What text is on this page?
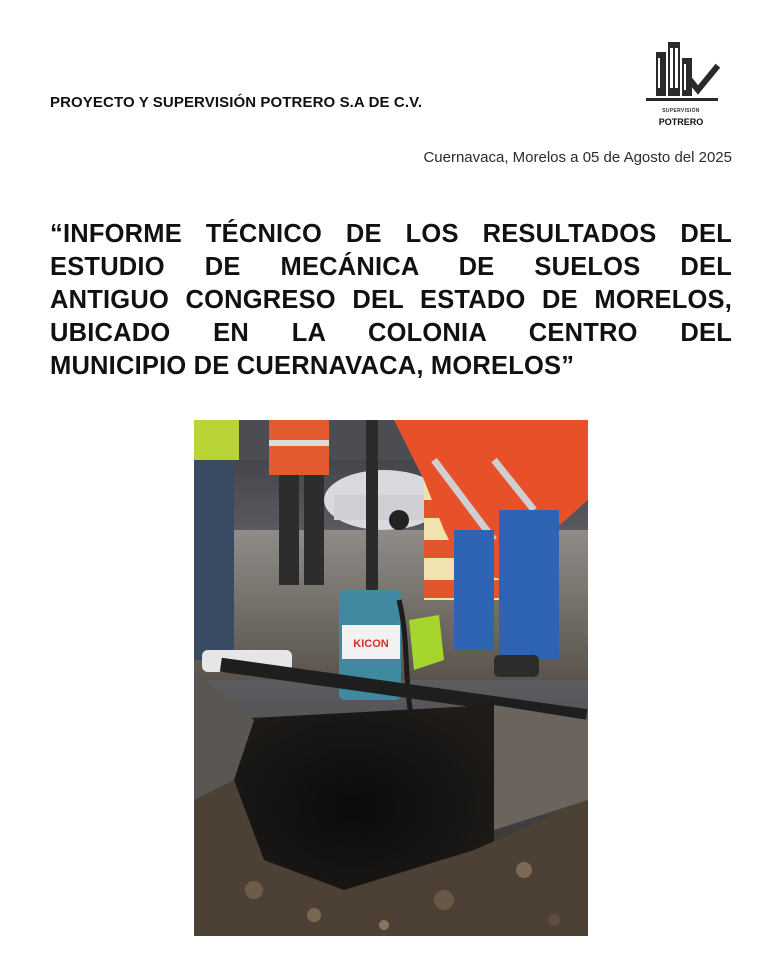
PROYECTO Y SUPERVISIÓN POTRERO S.A DE C.V.	SUPERVISIÓN
POTRERO
Cuernavaca, Morelos a 05 de Agosto del 2025
“INFORME TÉCNICO DE LOS RESULTADOS DEL
ESTUDIO DE MECÁNICA DE SUELOS DEL
ANTIGUO CONGRESO DEL ESTADO DE MORELOS,
UBICADO EN LA COLONIA CENTRO DEL
MUNICIPIO DE CUERNAVACA, MORELOS”
KICON
